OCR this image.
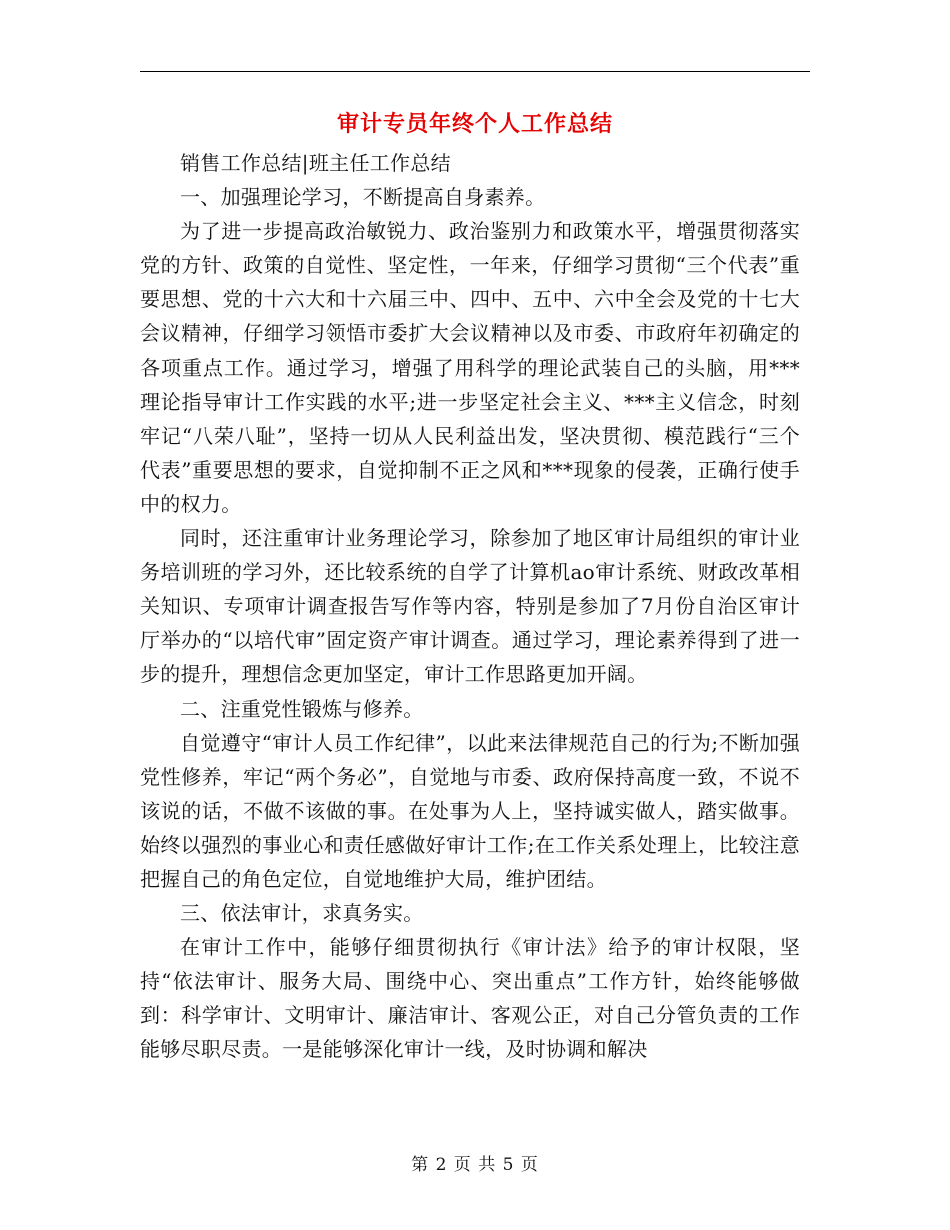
审计专员年终个人工作总结

销售工作总结|班主任工作总结

一、加强理论学习，不断提高自身素养。

为了进一步提高政治敏锐力、政治鉴别力和政策水平，增强贯彻落实党的方针、政策的自觉性、坚定性，一年来，仔细学习贯彻“三个代表”重要思想、党的十六大和十六届三中、四中、五中、六中全会及党的十七大会议精神，仔细学习领悟市委扩大会议精神以及市委、市政府年初确定的各项重点工作。通过学习，增强了用科学的理论武装自己的头脑，用***理论指导审计工作实践的水平;进一步坚定社会主义、***主义信念，时刻牢记“八荣八耻”，坚持一切从人民利益出发，坚决贯彻、模范践行“三个代表”重要思想的要求，自觉抑制不正之风和***现象的侵袭，正确行使手中的权力。

同时，还注重审计业务理论学习，除参加了地区审计局组织的审计业务培训班的学习外，还比较系统的自学了计算机ao审计系统、财政改革相关知识、专项审计调查报告写作等内容，特别是参加了7月份自治区审计厅举办的“以培代审”固定资产审计调查。通过学习，理论素养得到了进一步的提升，理想信念更加坚定，审计工作思路更加开阔。

二、注重党性锻炼与修养。

自觉遵守“审计人员工作纪律”，以此来法律规范自己的行为;不断加强党性修养，牢记“两个务必”，自觉地与市委、政府保持高度一致，不说不该说的话，不做不该做的事。在处事为人上，坚持诚实做人，踏实做事。始终以强烈的事业心和责任感做好审计工作;在工作关系处理上，比较注意把握自己的角色定位，自觉地维护大局，维护团结。

三、依法审计，求真务实。

在审计工作中，能够仔细贯彻执行《审计法》给予的审计权限，坚持“依法审计、服务大局、围绕中心、突出重点”工作方针，始终能够做到：科学审计、文明审计、廉洁审计、客观公正，对自己分管负责的工作能够尽职尽责。一是能够深化审计一线，及时协调和解决

第 2 页 共 5 页
